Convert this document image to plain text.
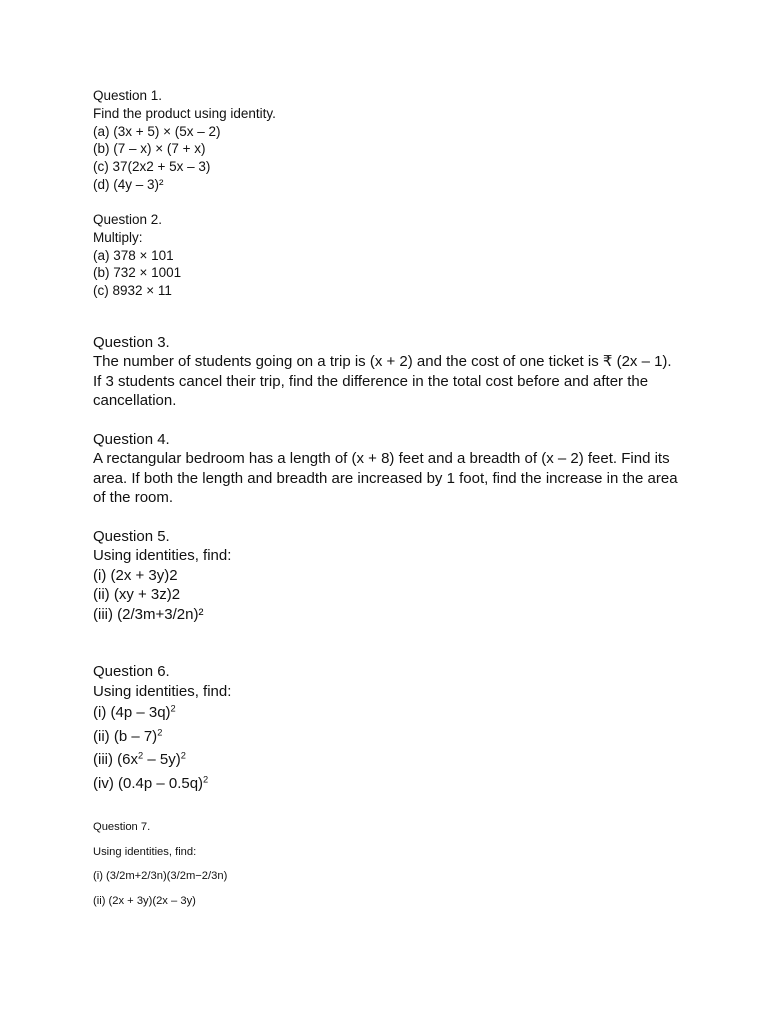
Question 1.
Find the product using identity.
(a) (3x + 5) × (5x – 2)
(b) (7 – x) × (7 + x)
(c) 37(2x2 + 5x – 3)
(d) (4y – 3)²
Question 2.
Multiply:
(a) 378 × 101
(b) 732 × 1001
(c) 8932 × 11
Question 3.
The number of students going on a trip is (x + 2) and the cost of one ticket is ₹ (2x – 1). If 3 students cancel their trip, find the difference in the total cost before and after the cancellation.
Question 4.
A rectangular bedroom has a length of (x + 8) feet and a breadth of (x – 2) feet. Find its area. If both the length and breadth are increased by 1 foot, find the increase in the area of the room.
Question 5.
Using identities, find:
(i) (2x + 3y)2
(ii) (xy + 3z)2
(iii) (2/3m+3/2n)²
Question 6.
Using identities, find:
(i) (4p – 3q)$^2$
(ii) (b – 7)$^2$
(iii) $(6x^2 - 5y)^2$
(iv) (0.4p – 0.5q)$^2$
Question 7.
Using identities, find:
(i) (3/2m+2/3n)(3/2m−2/3n)
(ii) (2x + 3y)(2x – 3y)
